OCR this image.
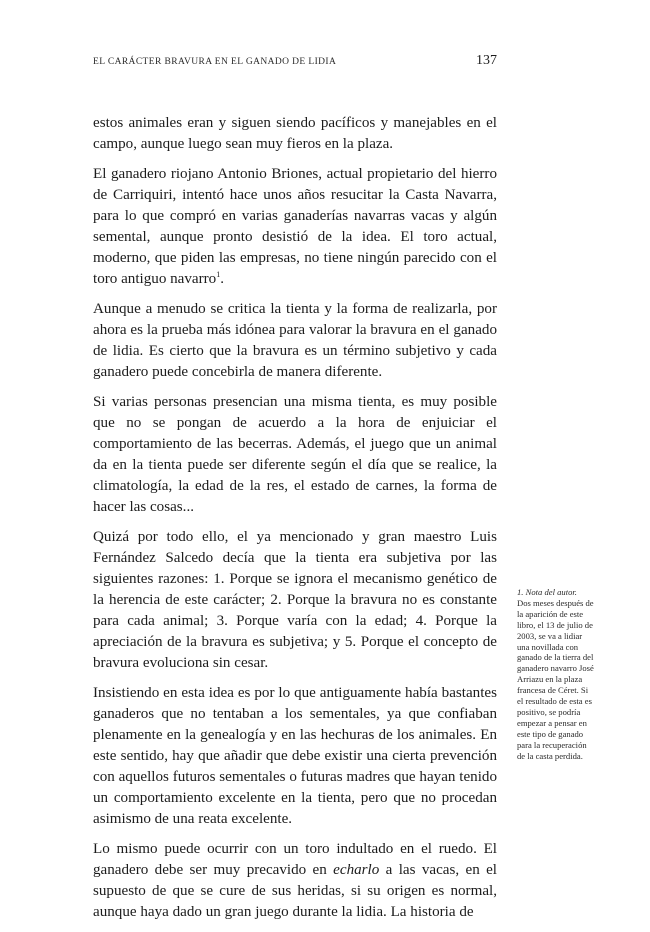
EL CARÁCTER BRAVURA EN EL GANADO DE LIDIA	137

estos animales eran y siguen siendo pacíficos y manejables en el campo, aunque luego sean muy fieros en la plaza.

El ganadero riojano Antonio Briones, actual propietario del hierro de Carriquiri, intentó hace unos años resucitar la Casta Navarra, para lo que compró en varias ganaderías navarras vacas y algún semental, aunque pronto desistió de la idea. El toro actual, moderno, que piden las empresas, no tiene ningún parecido con el toro antiguo navarro$^1$.

Aunque a menudo se critica la tienta y la forma de realizarla, por ahora es la prueba más idónea para valorar la bravura en el ganado de lidia. Es cierto que la bravura es un término subjetivo y cada ganadero puede concebirla de manera diferente.

Si varias personas presencian una misma tienta, es muy posible que no se pongan de acuerdo a la hora de enjuiciar el comportamiento de las becerras. Además, el juego que un animal da en la tienta puede ser diferente según el día que se realice, la climatología, la edad de la res, el estado de carnes, la forma de hacer las cosas...

Quizá por todo ello, el ya mencionado y gran maestro Luis Fernández Salcedo decía que la tienta era subjetiva por las siguientes razones: 1. Porque se ignora el mecanismo genético de la herencia de este carácter; 2. Porque la bravura no es constante para cada animal; 3. Porque varía con la edad; 4. Porque la apreciación de la bravura es subjetiva; y 5. Porque el concepto de bravura evoluciona sin cesar.

Insistiendo en esta idea es por lo que antiguamente había bastantes ganaderos que no tentaban a los sementales, ya que confiaban plenamente en la genealogía y en las hechuras de los animales. En este sentido, hay que añadir que debe existir una cierta prevención con aquellos futuros sementales o futuras madres que hayan tenido un comportamiento excelente en la tienta, pero que no procedan asimismo de una reata excelente.

Lo mismo puede ocurrir con un toro indultado en el ruedo. El ganadero debe ser muy precavido en echarlo a las vacas, en el supuesto de que se cure de sus heridas, si su origen es normal, aunque haya dado un gran juego durante la lidia. La historia de

1. Nota del autor.
Dos meses después de la aparición de este libro, el 13 de julio de 2003, se va a lidiar una novillada con ganado de la tierra del ganadero navarro José Arriazu en la plaza francesa de Céret. Si el resultado de esta es positivo, se podría empezar a pensar en este tipo de ganado para la recuperación de la casta perdida.
